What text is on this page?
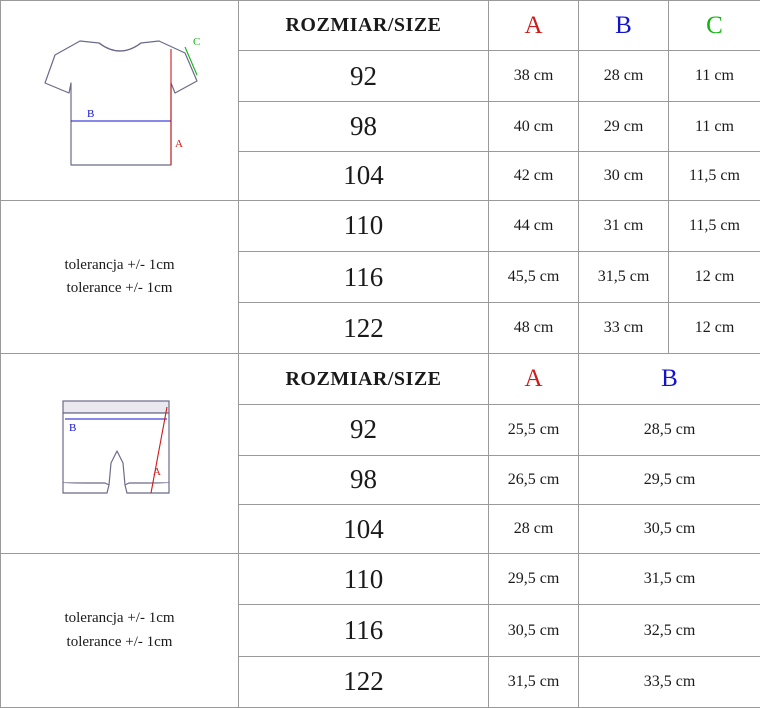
B
A
C	ROZMIAR/SIZE	A	B	C
	92	38 cm	28 cm	11 cm
	98	40 cm	29 cm	11 cm
	104	42 cm	30 cm	11,5 cm

tolerancja +/- 1cm
tolerance +/- 1cm	110	44 cm	31 cm	11,5 cm
	116	45,5 cm	31,5 cm	12 cm
	122	48 cm	33 cm	12 cm

B
A	ROZMIAR/SIZE	A	B	
	92	25,5 cm	28,5 cm	
	98	26,5 cm	29,5 cm	
	104	28 cm	30,5 cm	

tolerancja +/- 1cm
tolerance +/- 1cm	110	29,5 cm	31,5 cm	
	116	30,5 cm	32,5 cm	
	122	31,5 cm	33,5 cm	
